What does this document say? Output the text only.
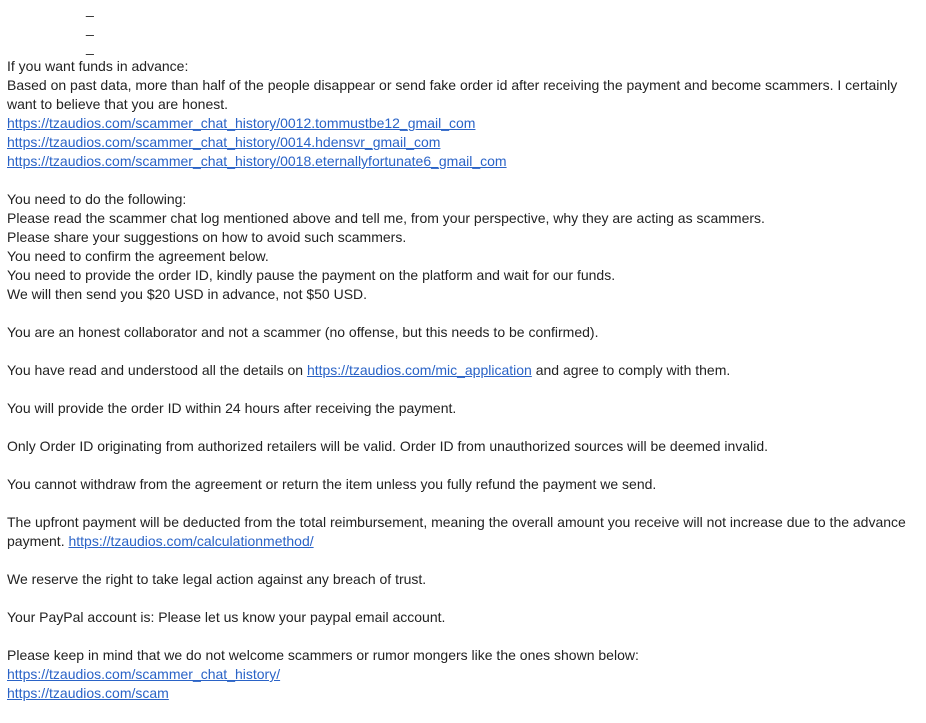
_
_
_
If you want funds in advance:
Based on past data, more than half of the people disappear or send fake order id after receiving the payment and become scammers. I certainly want to believe that you are honest.
https://tzaudios.com/scammer_chat_history/0012.tommustbe12_gmail_com
https://tzaudios.com/scammer_chat_history/0014.hdensvr_gmail_com
https://tzaudios.com/scammer_chat_history/0018.eternallyfortunate6_gmail_com
You need to do the following:
Please read the scammer chat log mentioned above and tell me, from your perspective, why they are acting as scammers.
Please share your suggestions on how to avoid such scammers.
You need to confirm the agreement below.
You need to provide the order ID, kindly pause the payment on the platform and wait for our funds.
We will then send you $20 USD in advance, not $50 USD.
You are an honest collaborator and not a scammer (no offense, but this needs to be confirmed).
You have read and understood all the details on https://tzaudios.com/mic_application and agree to comply with them.
You will provide the order ID within 24 hours after receiving the payment.
Only Order ID originating from authorized retailers will be valid. Order ID from unauthorized sources will be deemed invalid.
You cannot withdraw from the agreement or return the item unless you fully refund the payment we send.
The upfront payment will be deducted from the total reimbursement, meaning the overall amount you receive will not increase due to the advance payment. https://tzaudios.com/calculationmethod/
We reserve the right to take legal action against any breach of trust.
Your PayPal account is: Please let us know your paypal email account.
Please keep in mind that we do not welcome scammers or rumor mongers like the ones shown below:
https://tzaudios.com/scammer_chat_history/
https://tzaudios.com/scam
